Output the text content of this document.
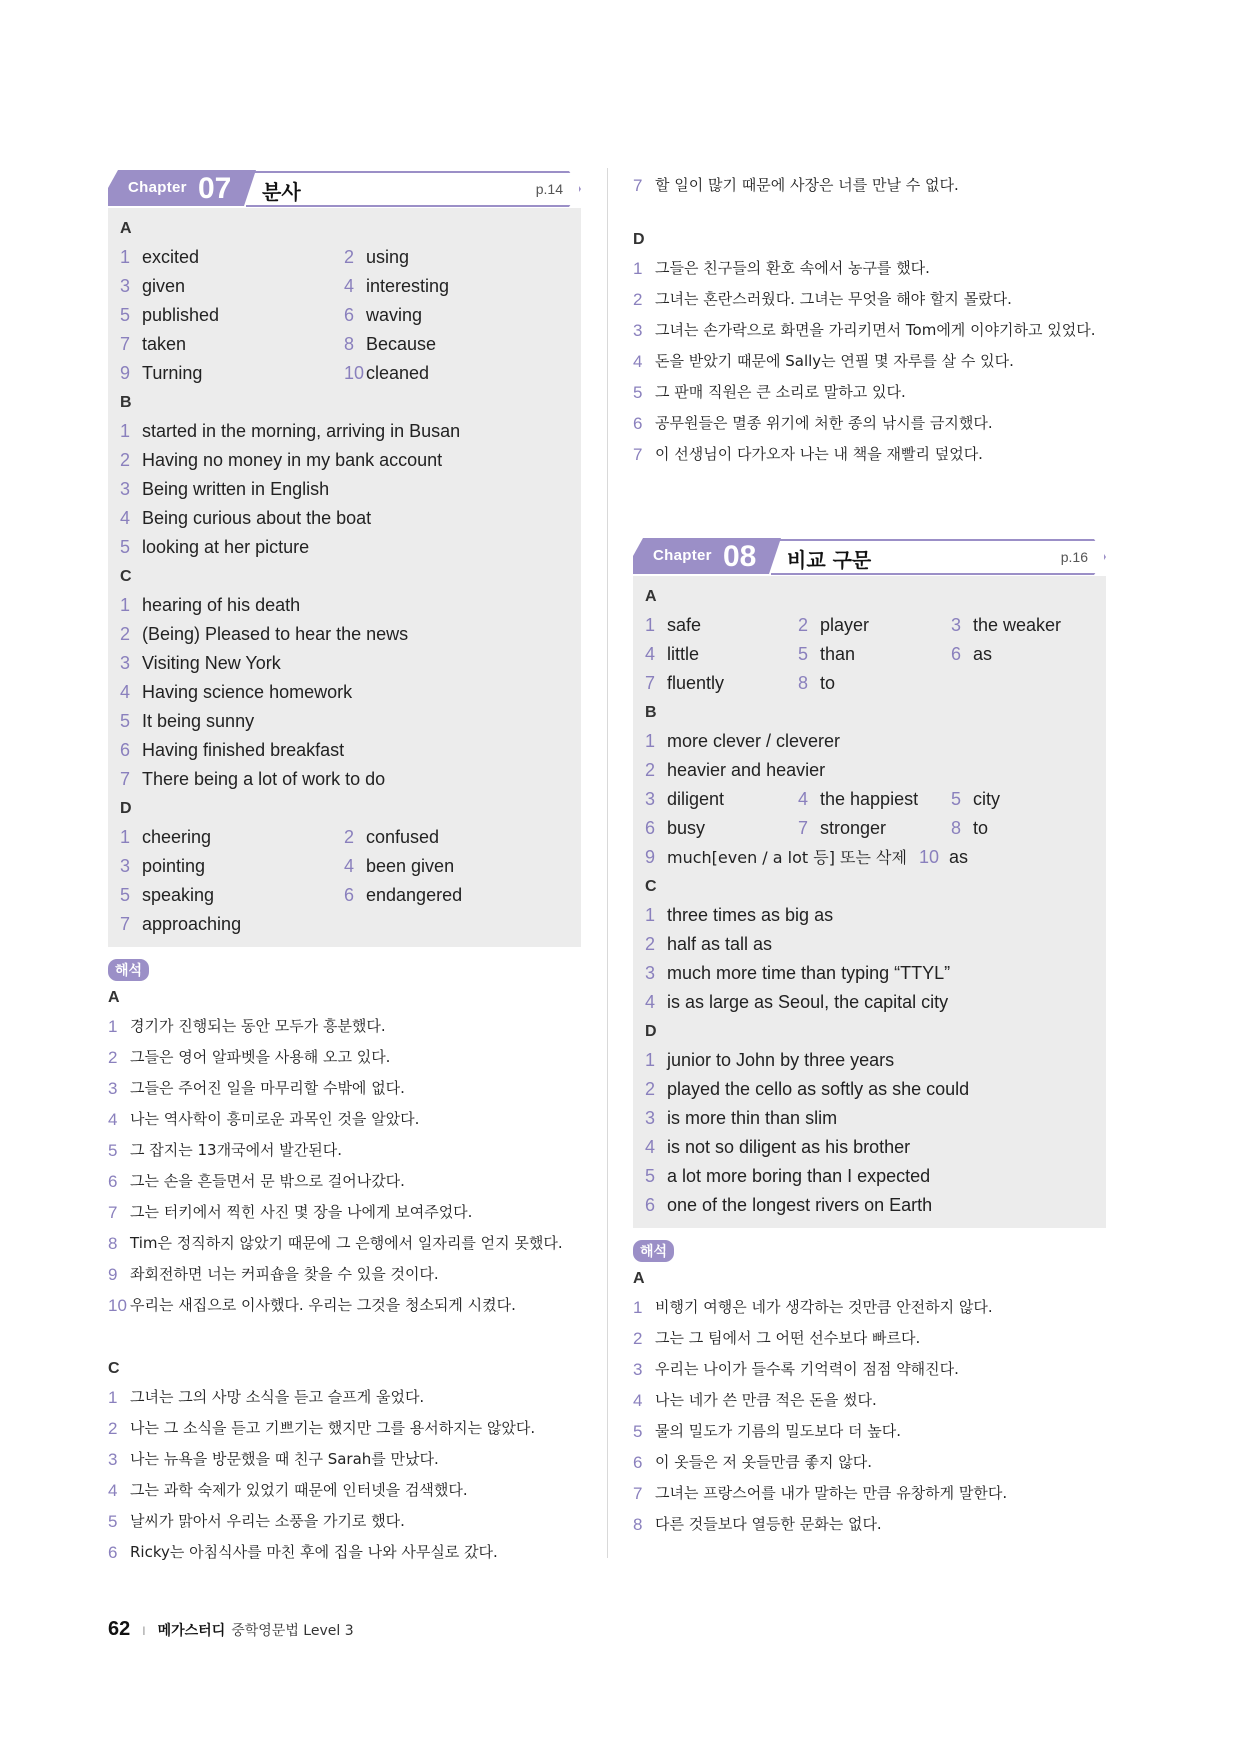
Chapter 07 분사	p.14
A
1 excited	2 using
3 given	4 interesting
5 published	6 waving
7 taken	8 Because
9 Turning	10 cleaned
B
1 started in the morning, arriving in Busan
2 Having no money in my bank account
3 Being written in English
4 Being curious about the boat
5 looking at her picture
C
1 hearing of his death
2 (Being) Pleased to hear the news
3 Visiting New York
4 Having science homework
5 It being sunny
6 Having finished breakfast
7 There being a lot of work to do
D
1 cheering	2 confused
3 pointing	4 been given
5 speaking	6 endangered
7 approaching
해석
A
1 경기가 진행되는 동안 모두가 흥분했다.
2 그들은 영어 알파벳을 사용해 오고 있다.
3 그들은 주어진 일을 마무리할 수밖에 없다.
4 나는 역사학이 흥미로운 과목인 것을 알았다.
5 그 잡지는 13개국에서 발간된다.
6 그는 손을 흔들면서 문 밖으로 걸어나갔다.
7 그는 터키에서 찍힌 사진 몇 장을 나에게 보여주었다.
8 Tim은 정직하지 않았기 때문에 그 은행에서 일자리를 얻지 못했다.
9 좌회전하면 너는 커피숍을 찾을 수 있을 것이다.
10 우리는 새집으로 이사했다. 우리는 그것을 청소되게 시켰다.
C
1 그녀는 그의 사망 소식을 듣고 슬프게 울었다.
2 나는 그 소식을 듣고 기쁘기는 했지만 그를 용서하지는 않았다.
3 나는 뉴욕을 방문했을 때 친구 Sarah를 만났다.
4 그는 과학 숙제가 있었기 때문에 인터넷을 검색했다.
5 날씨가 맑아서 우리는 소풍을 가기로 했다.
6 Ricky는 아침식사를 마친 후에 집을 나와 사무실로 갔다.
7 할 일이 많기 때문에 사장은 너를 만날 수 없다.
D
1 그들은 친구들의 환호 속에서 농구를 했다.
2 그녀는 혼란스러웠다. 그녀는 무엇을 해야 할지 몰랐다.
3 그녀는 손가락으로 화면을 가리키면서 Tom에게 이야기하고 있었다.
4 돈을 받았기 때문에 Sally는 연필 몇 자루를 살 수 있다.
5 그 판매 직원은 큰 소리로 말하고 있다.
6 공무원들은 멸종 위기에 처한 종의 낚시를 금지했다.
7 이 선생님이 다가오자 나는 내 책을 재빨리 덮었다.
Chapter 08 비교 구문	p.16
A
1 safe	2 player	3 the weaker
4 little	5 than	6 as
7 fluently	8 to
B
1 more clever / cleverer
2 heavier and heavier
3 diligent	4 the happiest 5 city
6 busy	7 stronger	8 to
9 much[even / a lot 등] 또는 삭제 10 as
C
1 three times as big as
2 half as tall as
3 much more time than typing “TTYL”
4 is as large as Seoul, the capital city
D
1 junior to John by three years
2 played the cello as softly as she could
3 is more thin than slim
4 is not so diligent as his brother
5 a lot more boring than I expected
6 one of the longest rivers on Earth
해석
A
1 비행기 여행은 네가 생각하는 것만큼 안전하지 않다.
2 그는 그 팀에서 그 어떤 선수보다 빠르다.
3 우리는 나이가 들수록 기억력이 점점 약해진다.
4 나는 네가 쓴 만큼 적은 돈을 썼다.
5 물의 밀도가 기름의 밀도보다 더 높다.
6 이 옷들은 저 옷들만큼 좋지 않다.
7 그녀는 프랑스어를 내가 말하는 만큼 유창하게 말한다.
8 다른 것들보다 열등한 문화는 없다.
62 I 메가스터디 중학영문법 Level 3
